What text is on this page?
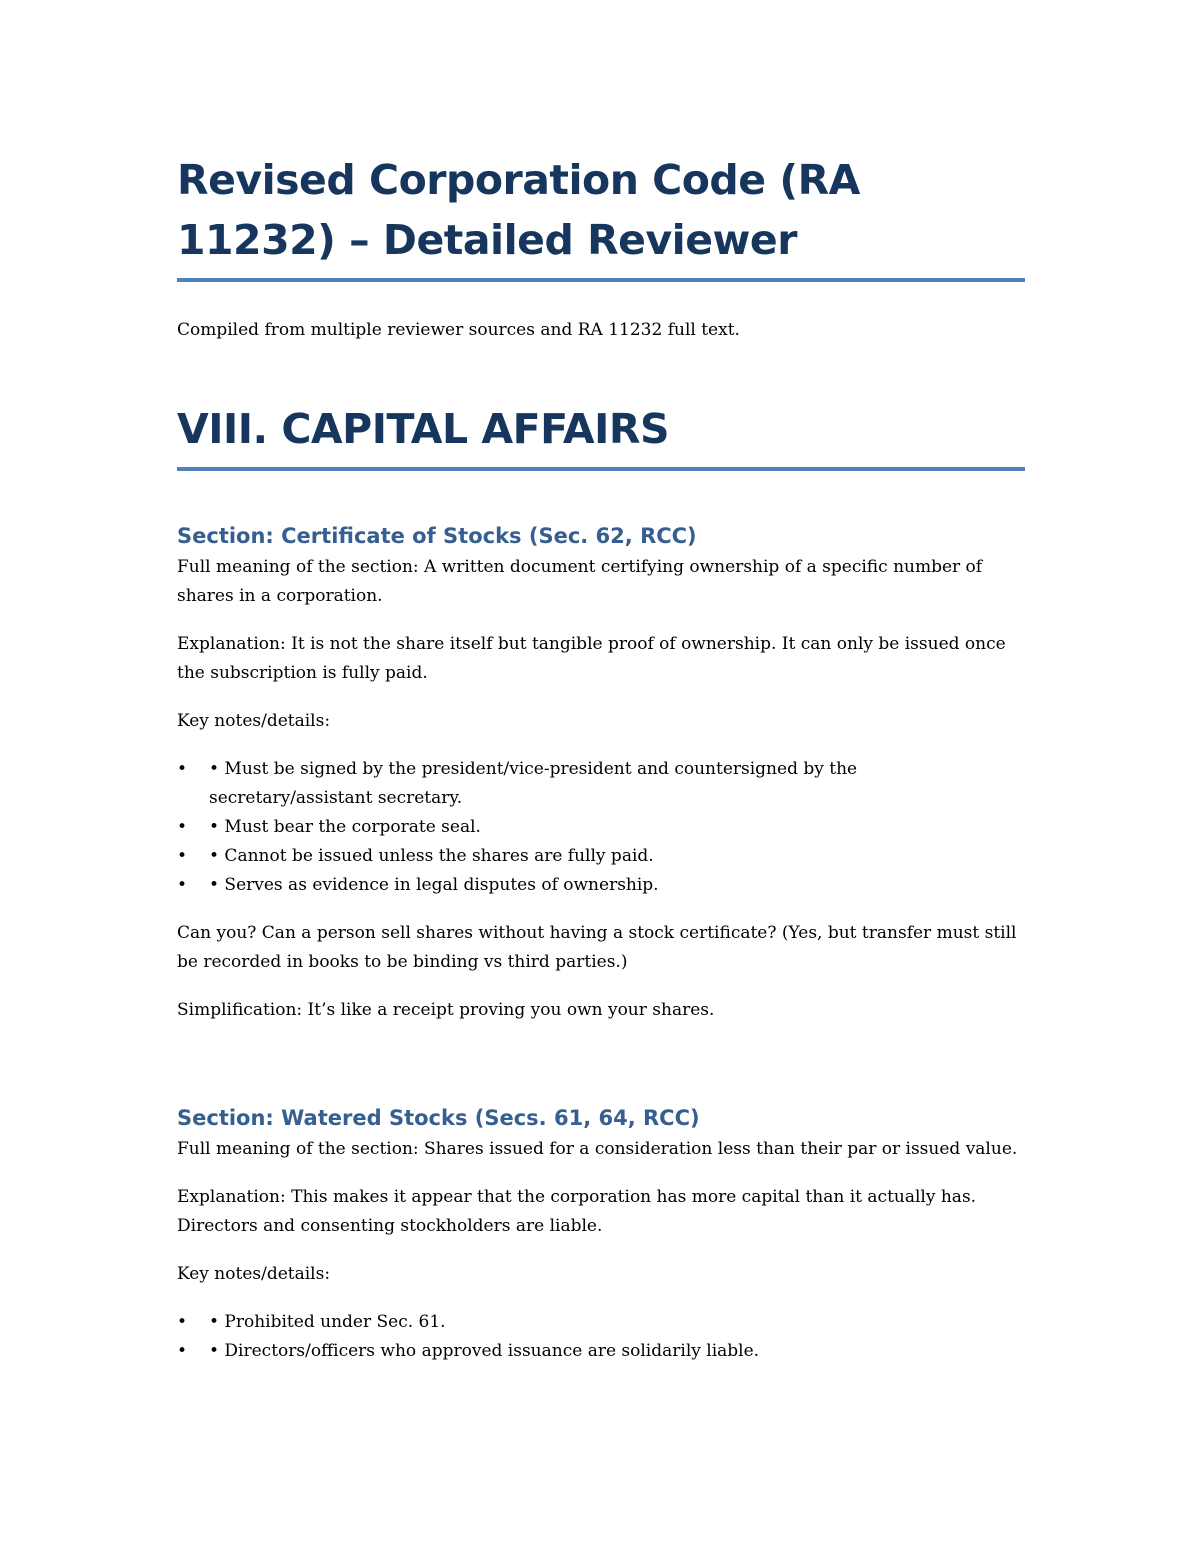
Revised Corporation Code (RA 11232) – Detailed Reviewer

Compiled from multiple reviewer sources and RA 11232 full text.

VIII. CAPITAL AFFAIRS
Section: Certificate of Stocks (Sec. 62, RCC)

Full meaning of the section: A written document certifying ownership of a specific number of shares in a corporation.

Explanation: It is not the share itself but tangible proof of ownership. It can only be issued once the subscription is fully paid.

Key notes/details:

•	• Must be signed by the president/vice-president and countersigned by the secretary/assistant secretary.
•	• Must bear the corporate seal.
•	• Cannot be issued unless the shares are fully paid.
•	• Serves as evidence in legal disputes of ownership.

Can you? Can a person sell shares without having a stock certificate? (Yes, but transfer must still be recorded in books to be binding vs third parties.)

Simplification: It’s like a receipt proving you own your shares.

Section: Watered Stocks (Secs. 61, 64, RCC)

Full meaning of the section: Shares issued for a consideration less than their par or issued value.

Explanation: This makes it appear that the corporation has more capital than it actually has. Directors and consenting stockholders are liable.

Key notes/details:

•	• Prohibited under Sec. 61.
•	• Directors/officers who approved issuance are solidarily liable.
